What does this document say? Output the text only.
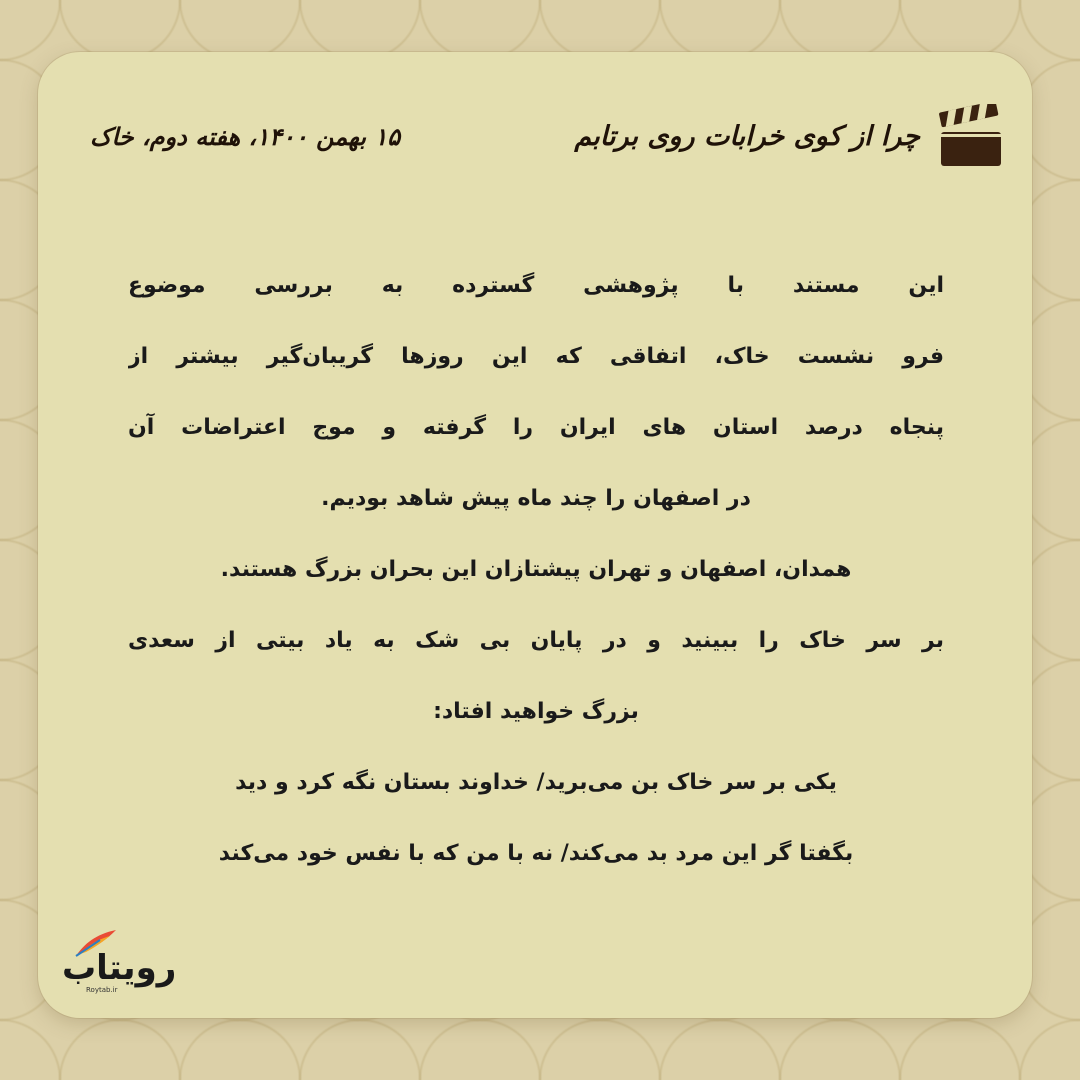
۱۵ بهمن ۱۴۰۰، هفته دوم، خاک	چرا از کوی خرابات روی برتابم
این مستند با پژوهشی گسترده به بررسی موضوع
فرو نشست خاک، اتفاقی که این روزها گریبان‌گیر بیشتر از
پنجاه درصد استان های ایران را گرفته و موج اعتراضات آن
در اصفهان را چند ماه پیش شاهد بودیم.
همدان، اصفهان و تهران پیشتازان این بحران بزرگ هستند.
بر سر خاک را ببینید و در پایان بی شک به یاد بیتی از سعدی
بزرگ خواهید افتاد:
یکی بر سر خاک بن می‌برید/ خداوند بستان نگه کرد و دید
بگفتا گر این مرد بد می‌کند/ نه با من که با نفس خود می‌کند
رویتاب
Roytab.ir
